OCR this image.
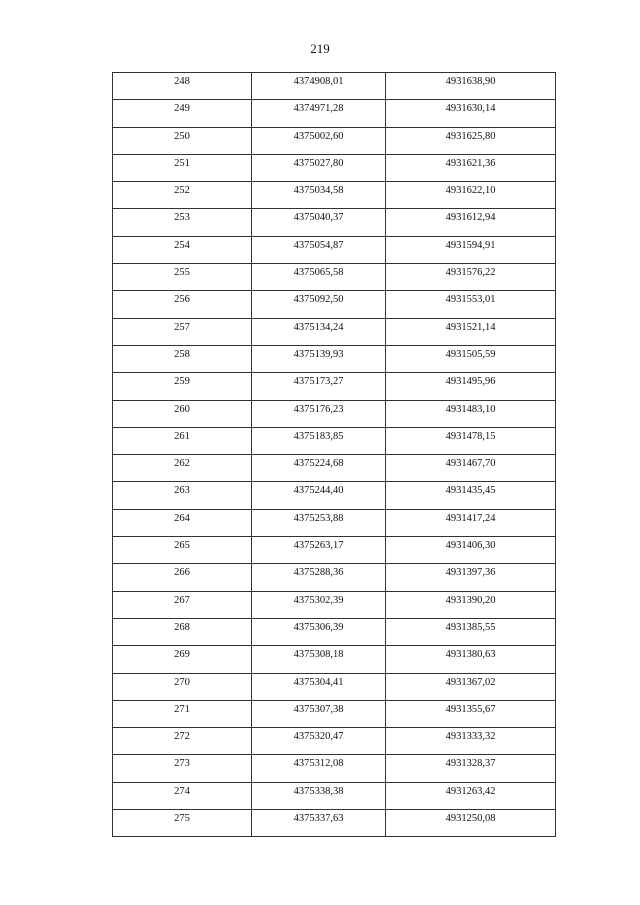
219
248	4374908,01	4931638,90
249	4374971,28	4931630,14
250	4375002,60	4931625,80
251	4375027,80	4931621,36
252	4375034,58	4931622,10
253	4375040,37	4931612,94
254	4375054,87	4931594,91
255	4375065,58	4931576,22
256	4375092,50	4931553,01
257	4375134,24	4931521,14
258	4375139,93	4931505,59
259	4375173,27	4931495,96
260	4375176,23	4931483,10
261	4375183,85	4931478,15
262	4375224,68	4931467,70
263	4375244,40	4931435,45
264	4375253,88	4931417,24
265	4375263,17	4931406,30
266	4375288,36	4931397,36
267	4375302,39	4931390,20
268	4375306,39	4931385,55
269	4375308,18	4931380,63
270	4375304,41	4931367,02
271	4375307,38	4931355,67
272	4375320,47	4931333,32
273	4375312,08	4931328,37
274	4375338,38	4931263,42
275	4375337,63	4931250,08
